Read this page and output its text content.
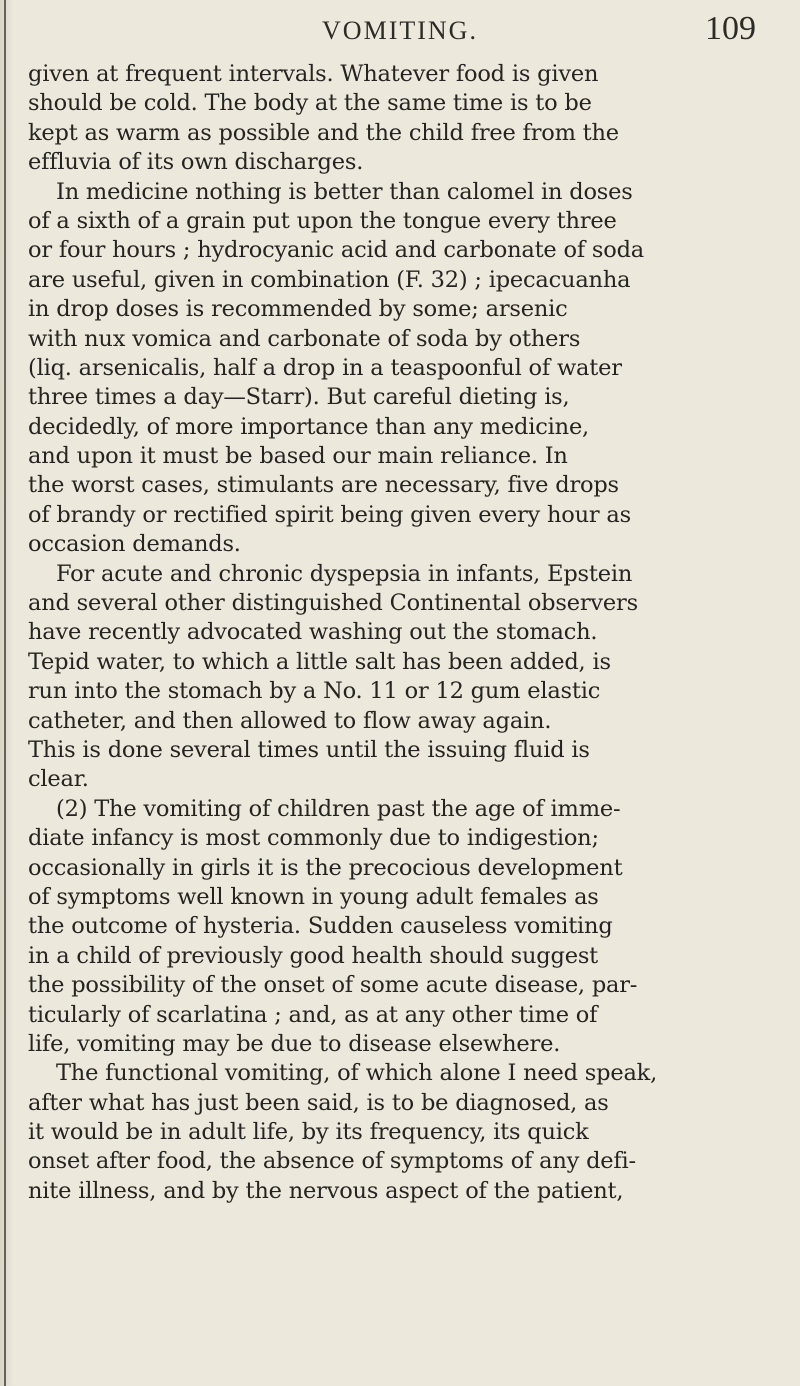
VOMITING.	109
given at frequent intervals. Whatever food is given
should be cold. The body at the same time is to be
kept as warm as possible and the child free from the
effluvia of its own discharges.
In medicine nothing is better than calomel in doses
of a sixth of a grain put upon the tongue every three
or four hours ; hydrocyanic acid and carbonate of soda
are useful, given in combination (F. 32) ; ipecacuanha
in drop doses is recommended by some; arsenic
with nux vomica and carbonate of soda by others
(liq. arsenicalis, half a drop in a teaspoonful of water
three times a day—Starr). But careful dieting is,
decidedly, of more importance than any medicine,
and upon it must be based our main reliance. In
the worst cases, stimulants are necessary, five drops
of brandy or rectified spirit being given every hour as
occasion demands.
For acute and chronic dyspepsia in infants, Epstein
and several other distinguished Continental observers
have recently advocated washing out the stomach.
Tepid water, to which a little salt has been added, is
run into the stomach by a No. 11 or 12 gum elastic
catheter, and then allowed to flow away again.
This is done several times until the issuing fluid is
clear.
(2) The vomiting of children past the age of imme-
diate infancy is most commonly due to indigestion;
occasionally in girls it is the precocious development
of symptoms well known in young adult females as
the outcome of hysteria. Sudden causeless vomiting
in a child of previously good health should suggest
the possibility of the onset of some acute disease, par-
ticularly of scarlatina ; and, as at any other time of
life, vomiting may be due to disease elsewhere.
The functional vomiting, of which alone I need speak,
after what has just been said, is to be diagnosed, as
it would be in adult life, by its frequency, its quick
onset after food, the absence of symptoms of any defi-
nite illness, and by the nervous aspect of the patient,
